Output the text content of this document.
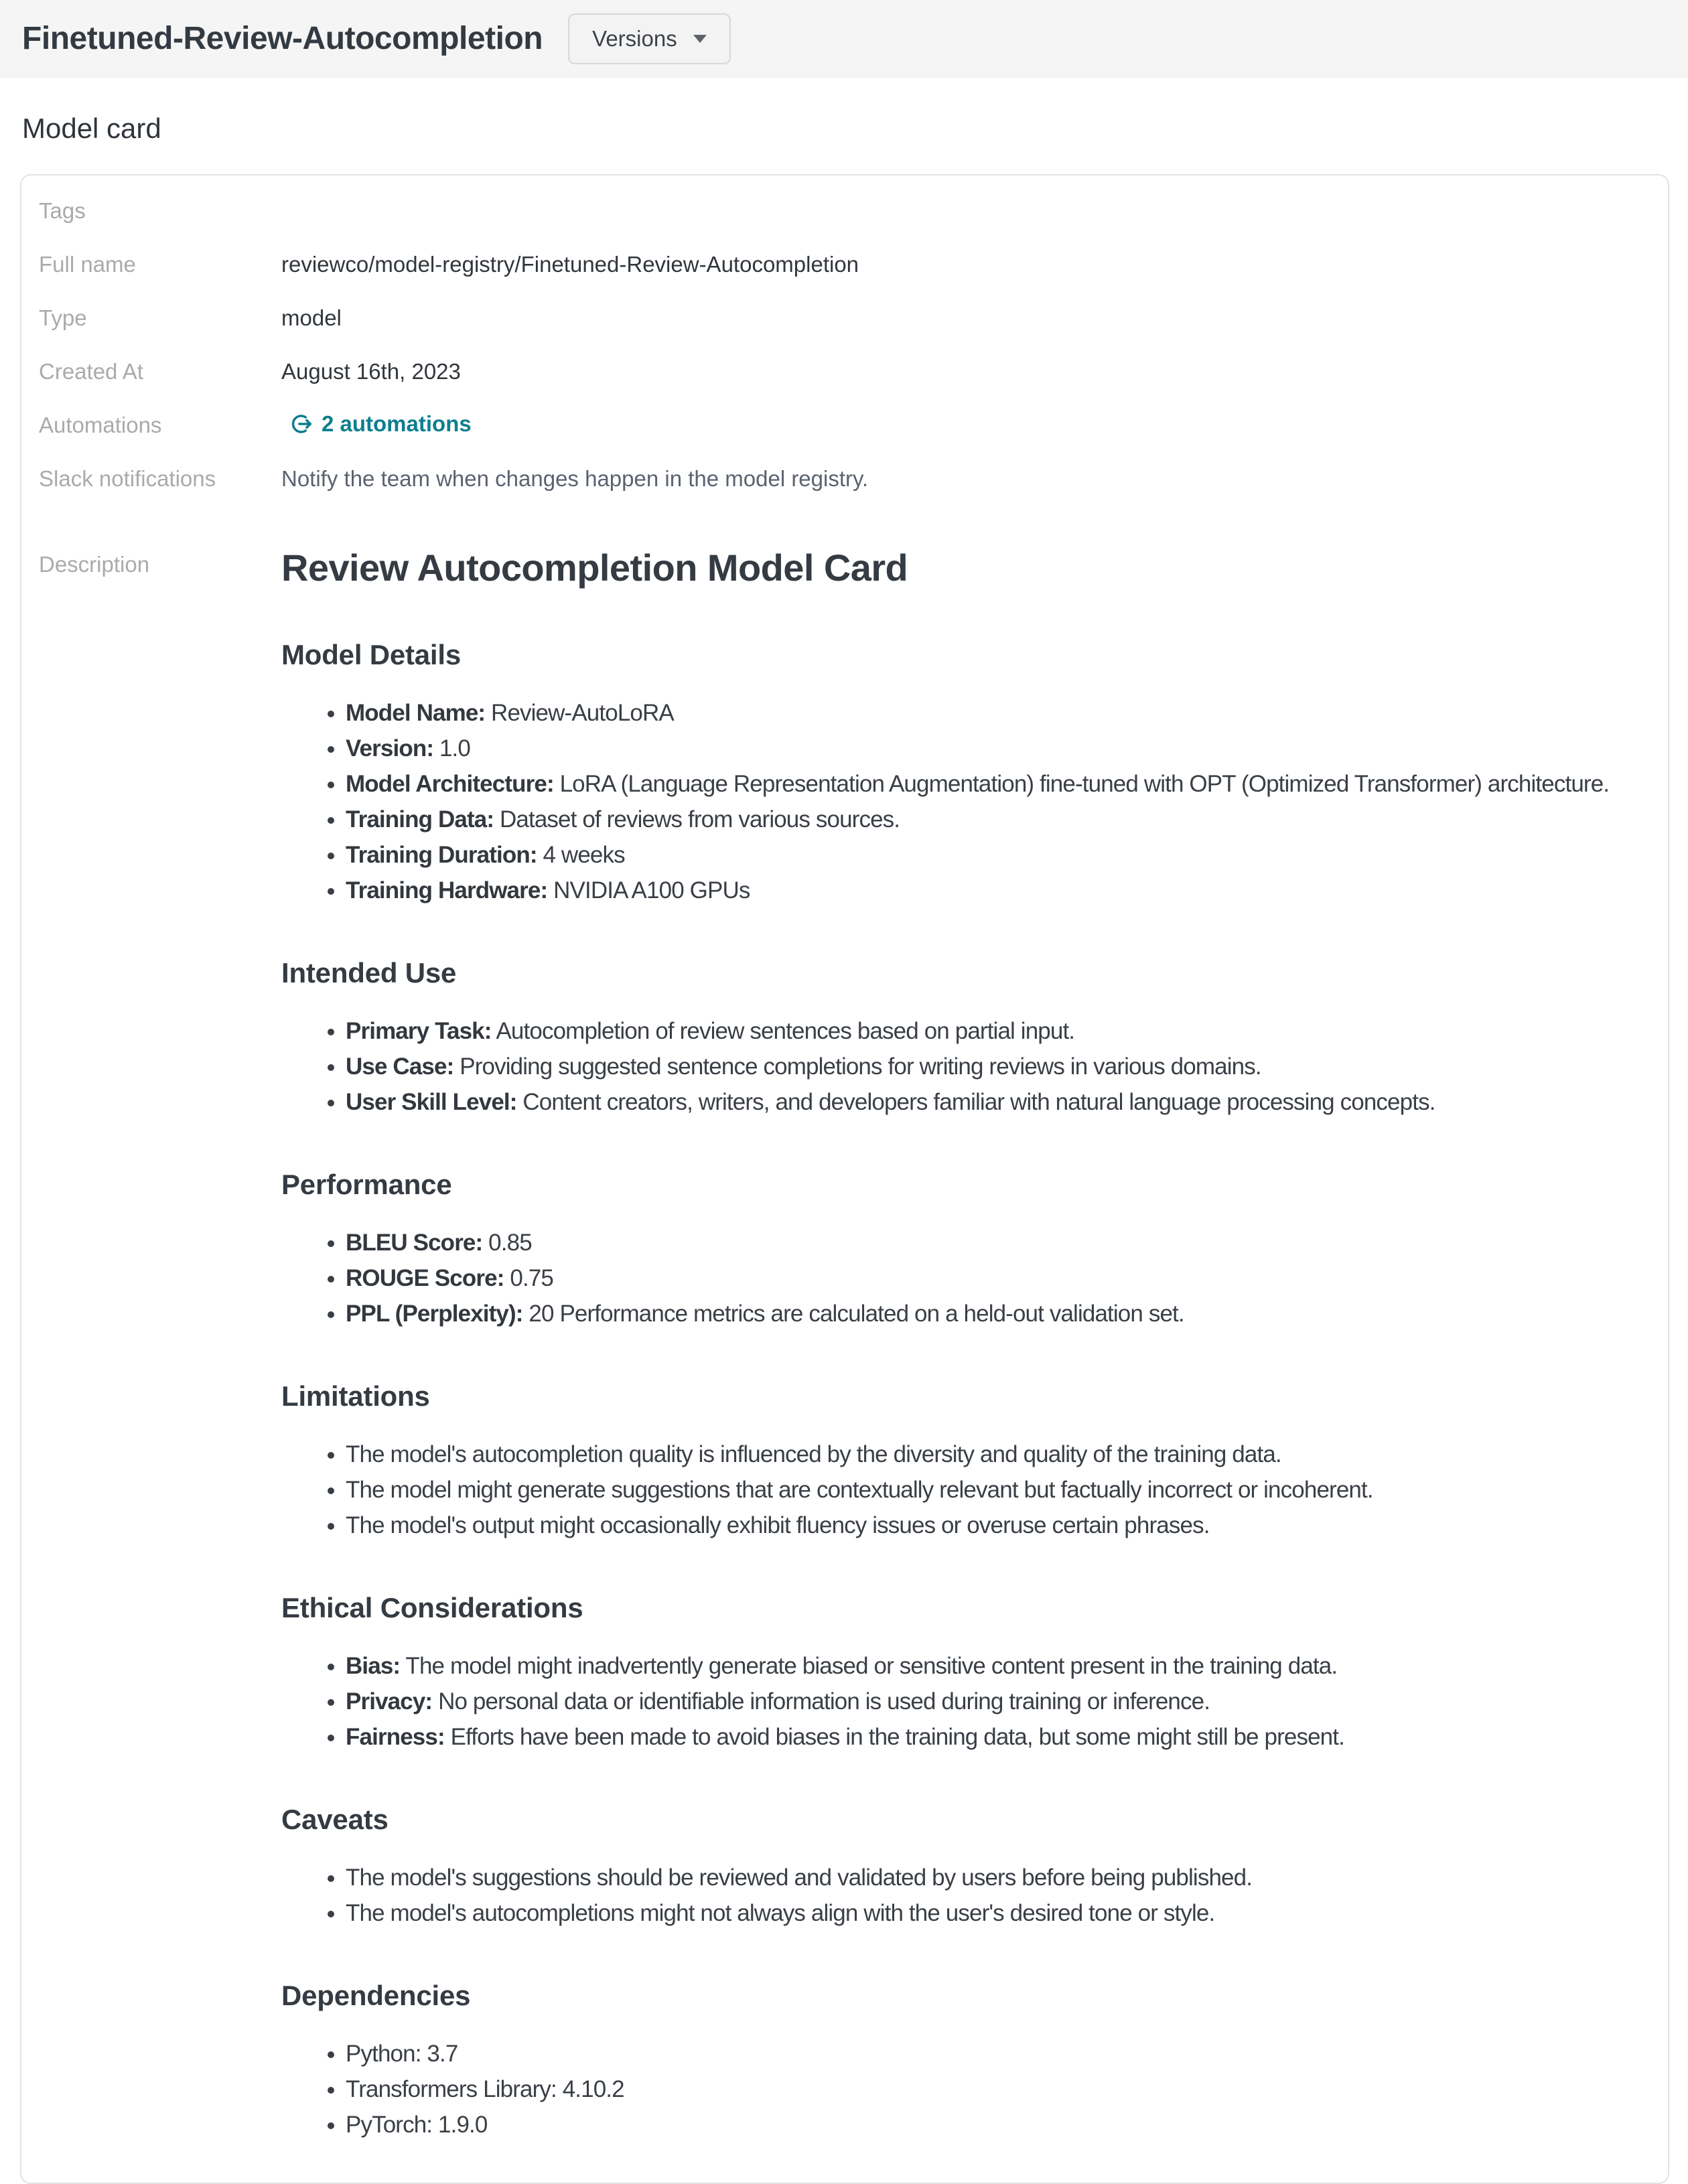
Finetuned-Review-Autocompletion Versions
Model card
Tags
Full name	reviewco/model-registry/Finetuned-Review-Autocompletion
Type	model
Created At	August 16th, 2023
Automations	2 automations
Slack notifications	Notify the team when changes happen in the model registry.
Description	Review Autocompletion Model Card
Model Details
• Model Name: Review-AutoLoRA
• Version: 1.0
• Model Architecture: LoRA (Language Representation Augmentation) fine-tuned with OPT (Optimized Transformer) architecture.
• Training Data: Dataset of reviews from various sources.
• Training Duration: 4 weeks
• Training Hardware: NVIDIA A100 GPUs
Intended Use
• Primary Task: Autocompletion of review sentences based on partial input.
• Use Case: Providing suggested sentence completions for writing reviews in various domains.
• User Skill Level: Content creators, writers, and developers familiar with natural language processing concepts.
Performance
• BLEU Score: 0.85
• ROUGE Score: 0.75
• PPL (Perplexity): 20 Performance metrics are calculated on a held-out validation set.
Limitations
• The model's autocompletion quality is influenced by the diversity and quality of the training data.
• The model might generate suggestions that are contextually relevant but factually incorrect or incoherent.
• The model's output might occasionally exhibit fluency issues or overuse certain phrases.
Ethical Considerations
• Bias: The model might inadvertently generate biased or sensitive content present in the training data.
• Privacy: No personal data or identifiable information is used during training or inference.
• Fairness: Efforts have been made to avoid biases in the training data, but some might still be present.
Caveats
• The model's suggestions should be reviewed and validated by users before being published.
• The model's autocompletions might not always align with the user's desired tone or style.
Dependencies
• Python: 3.7
• Transformers Library: 4.10.2
• PyTorch: 1.9.0
